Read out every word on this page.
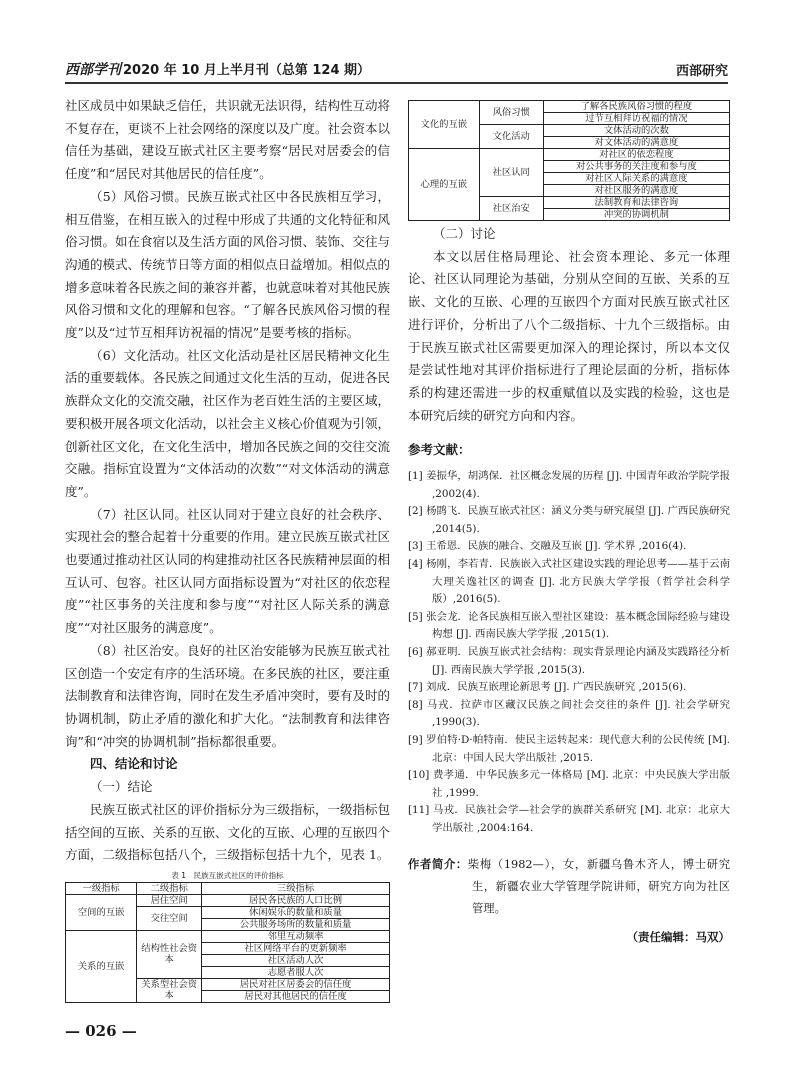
西部学刊 2020 年 10 月上半月刊（总第 124 期）	西部研究

社区成员中如果缺乏信任，共识就无法识得，结构性互动将不复存在，更谈不上社会网络的深度以及广度。社会资本以信任为基础，建设互嵌式社区主要考察“居民对居委会的信任度”和“居民对其他居民的信任度”。

（5）风俗习惯。民族互嵌式社区中各民族相互学习，相互借鉴，在相互嵌入的过程中形成了共通的文化特征和风俗习惯。如在食宿以及生活方面的风俗习惯、装饰、交往与沟通的模式、传统节日等方面的相似点日益增加。相似点的增多意味着各民族之间的兼容并蓄，也就意味着对其他民族风俗习惯和文化的理解和包容。“了解各民族风俗习惯的程度”以及“过节互相拜访祝福的情况”是要考核的指标。

（6）文化活动。社区文化活动是社区居民精神文化生活的重要载体。各民族之间通过文化生活的互动，促进各民族群众文化的交流交融，社区作为老百姓生活的主要区域，要积极开展各项文化活动，以社会主义核心价值观为引领，创新社区文化，在文化生活中，增加各民族之间的交往交流交融。指标宜设置为“文体活动的次数”“对文体活动的满意度”。

（7）社区认同。社区认同对于建立良好的社会秩序、实现社会的整合起着十分重要的作用。建立民族互嵌式社区也要通过推动社区认同的构建推动社区各民族精神层面的相互认可、包容。社区认同方面指标设置为“对社区的依恋程度”“社区事务的关注度和参与度”“对社区人际关系的满意度”“对社区服务的满意度”。

（8）社区治安。良好的社区治安能够为民族互嵌式社区创造一个安定有序的生活环境。在多民族的社区，要注重法制教育和法律咨询，同时在发生矛盾冲突时，要有及时的协调机制，防止矛盾的激化和扩大化。“法制教育和法律咨询”和“冲突的协调机制”指标都很重要。

四、结论和讨论
（一）结论

民族互嵌式社区的评价指标分为三级指标，一级指标包括空间的互嵌、关系的互嵌、文化的互嵌、心理的互嵌四个方面，二级指标包括八个，三级指标包括十九个，见表 1。

表 1　民族互嵌式社区的评价指标
一级指标	二级指标	三级指标
空间的互嵌	居住空间	居民各民族的人口比例
	交往空间	休闲娱乐的数量和质量
		公共服务场所的数量和质量
关系的互嵌	结构性社会资本	邻里互动频率
		社区网络平台的更新频率
		社区活动人次
		志愿者服人次
	关系型社会资本	居民对社区居委会的信任度
		居民对其他居民的信任度
文化的互嵌	风俗习惯	了解各民族风俗习惯的程度
		过节互相拜访祝福的情况
	文化活动	文体活动的次数
		对文体活动的满意度
心理的互嵌	社区认同	对社区的依恋程度
		对公共事务的关注度和参与度
		对社区人际关系的满意度
		对社区服务的满意度
	社区治安	法制教育和法律咨询
		冲突的协调机制
（二）讨论

本文以居住格局理论、社会资本理论、多元一体理论、社区认同理论为基础，分别从空间的互嵌、关系的互嵌、文化的互嵌、心理的互嵌四个方面对民族互嵌式社区进行评价，分析出了八个二级指标、十九个三级指标。由于民族互嵌式社区需要更加深入的理论探讨，所以本文仅是尝试性地对其评价指标进行了理论层面的分析，指标体系的构建还需进一步的权重赋值以及实践的检验，这也是本研究后续的研究方向和内容。

参考文献：
[1] 姜振华，胡鸿保．社区概念发展的历程 [J]. 中国青年政治学院学报 ,2002(4).
[2] 杨鹍飞．民族互嵌式社区：涵义分类与研究展望 [J]. 广西民族研究 ,2014(5).
[3] 王希恩．民族的融合、交融及互嵌 [J]. 学术界 ,2016(4).
[4] 杨刚，李若青．民族嵌入式社区建设实践的理论思考——基于云南大理关逸社区的调查 [J]. 北方民族大学学报（哲学社会科学版）,2016(5).
[5] 张会龙．论各民族相互嵌入型社区建设：基本概念国际经验与建设构想 [J]. 西南民族大学学报 ,2015(1).
[6] 郝亚明．民族互嵌式社会结构：现实背景理论内涵及实践路径分析 [J]. 西南民族大学学报 ,2015(3).
[7] 刘成．民族互嵌理论新思考 [J]. 广西民族研究 ,2015(6).
[8] 马戎．拉萨市区藏汉民族之间社会交往的条件 [J]. 社会学研究 ,1990(3).
[9] 罗伯特·D·帕特南．使民主运转起来：现代意大利的公民传统 [M]. 北京：中国人民大学出版社 ,2015.
[10] 费孝通．中华民族多元一体格局 [M]. 北京：中央民族大学出版社 ,1999.
[11] 马戎．民族社会学—社会学的族群关系研究 [M]. 北京：北京大学出版社 ,2004:164.
作者简介：柴梅（1982—），女，新疆乌鲁木齐人，博士研究生，新疆农业大学管理学院讲师，研究方向为社区管理。
（责任编辑：马双）
— 026 —
